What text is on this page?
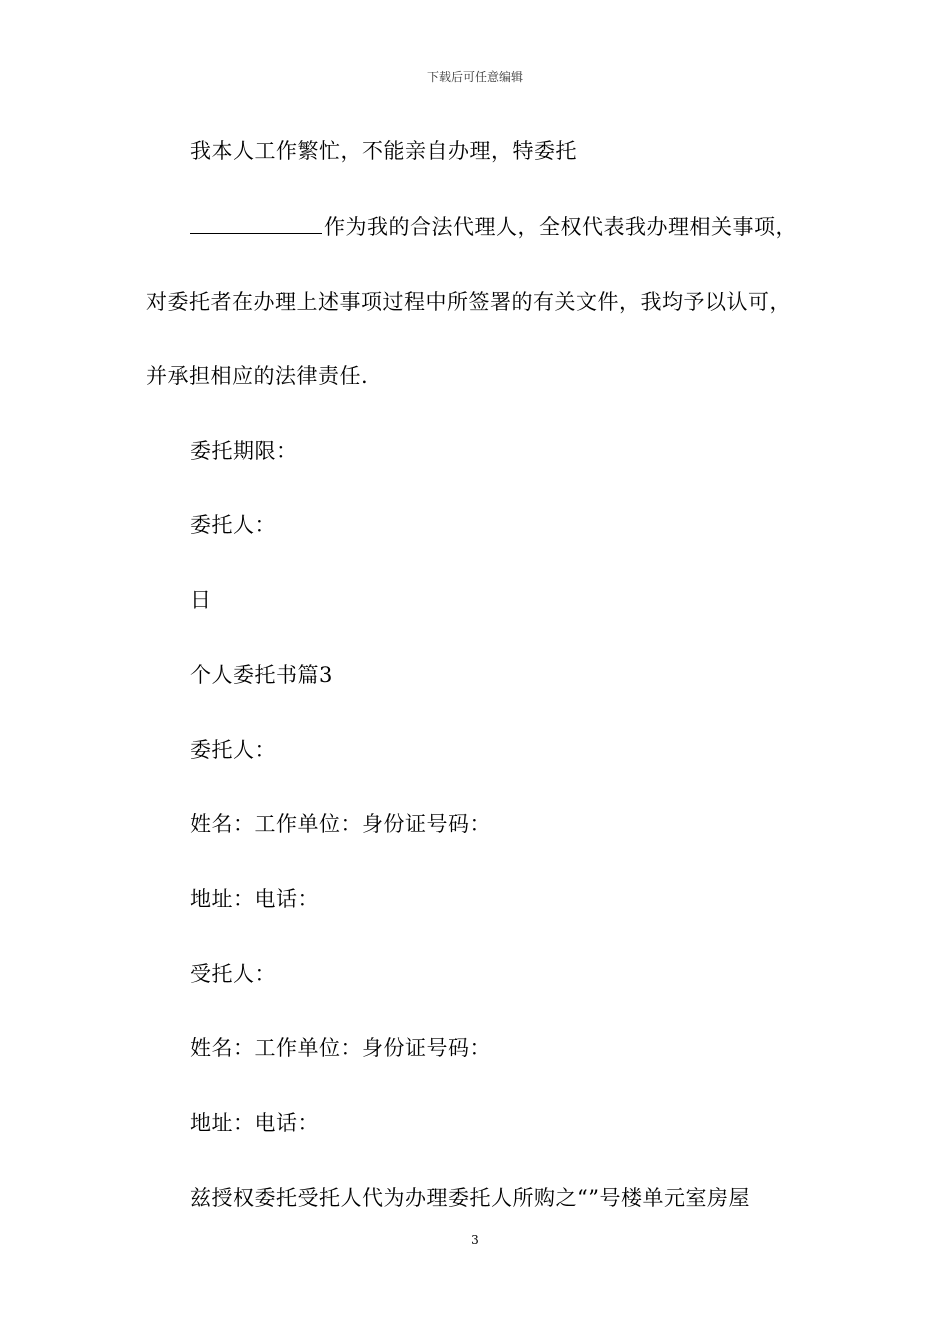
下载后可任意编辑
我本人工作繁忙，不能亲自办理，特委托
作为我的合法代理人，全权代表我办理相关事项，
对委托者在办理上述事项过程中所签署的有关文件，我均予以认可，
并承担相应的法律责任.
委托期限：
委托人：
日
个人委托书篇3
委托人：
姓名：工作单位：身份证号码：
地址：电话：
受托人：
姓名：工作单位：身份证号码：
地址：电话：
兹授权委托受托人代为办理委托人所购之“”号楼单元室房屋
3
